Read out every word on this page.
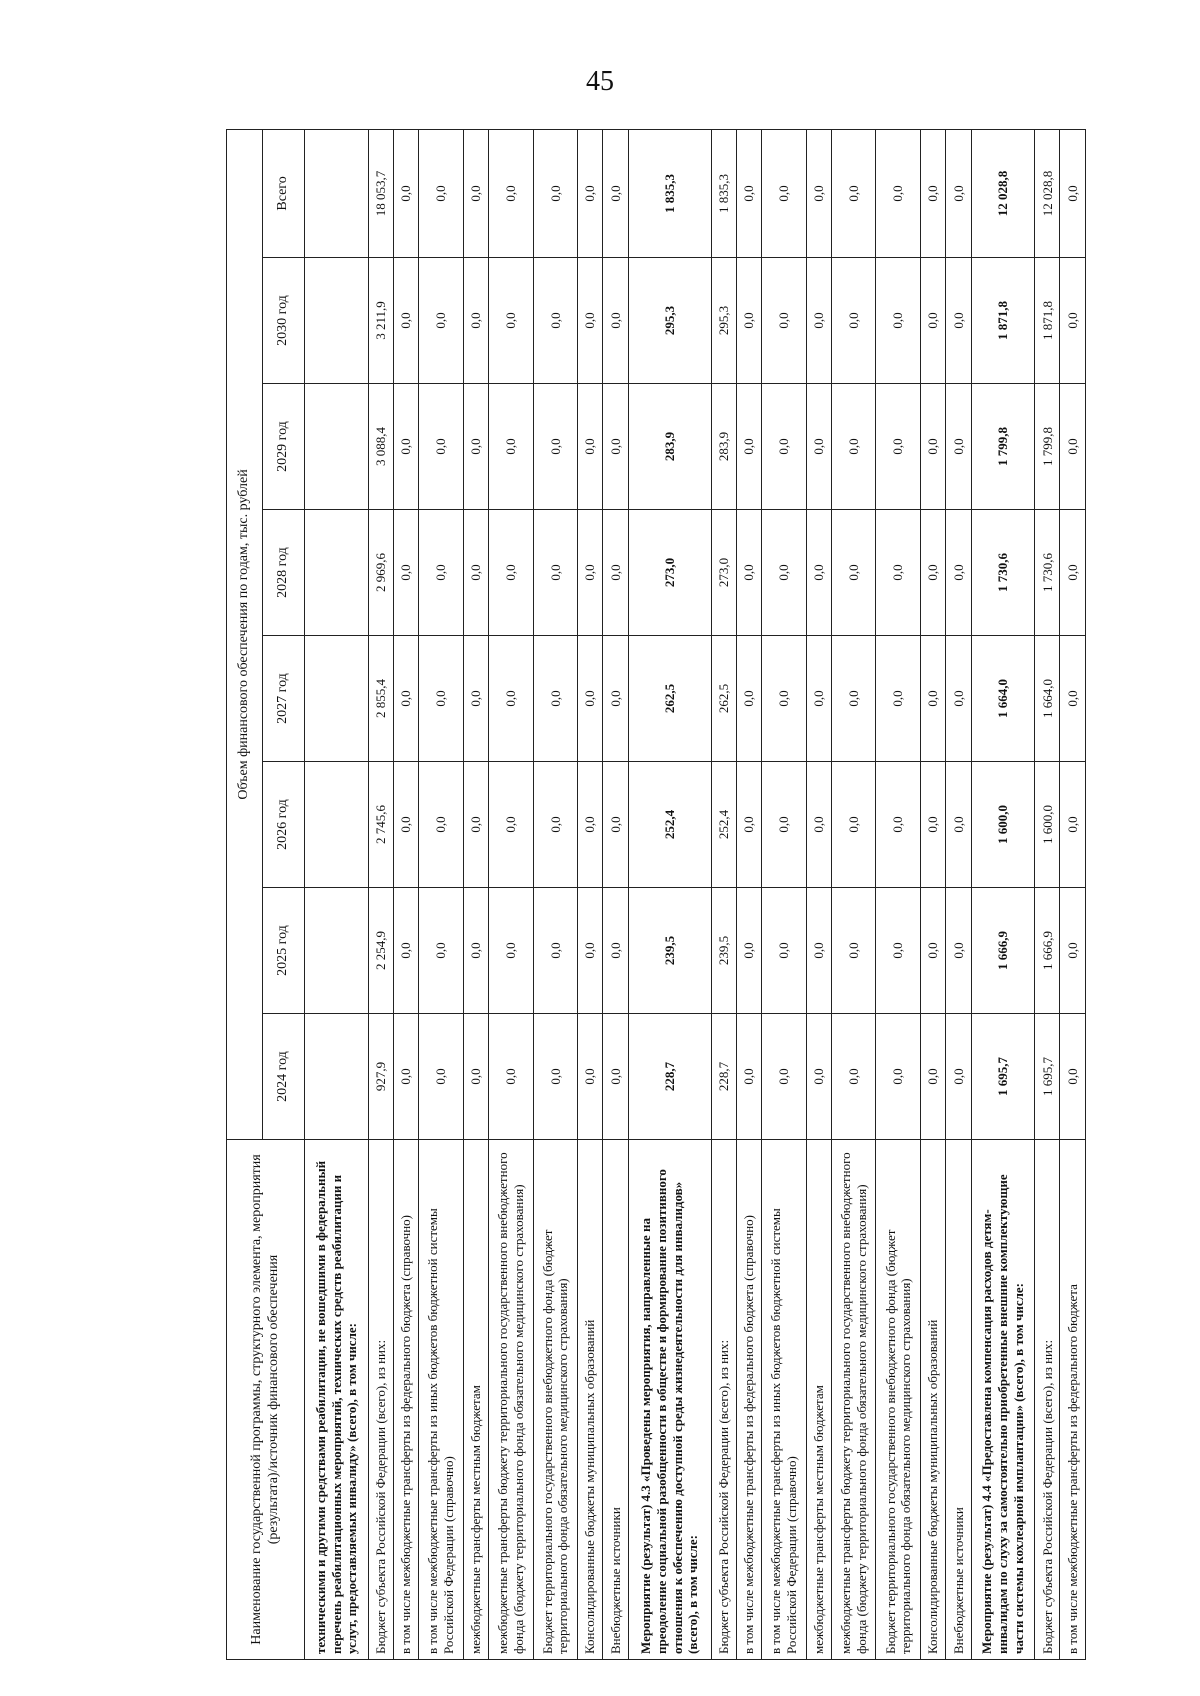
45
Наименование государственной программы, структурного элемента, мероприятия (результата)/источник финансового обеспечения	Объем финансового обеспечения по годам, тыс. рублей							
	2024 год	2025 год	2026 год	2027 год	2028 год	2029 год	2030 год	Всего
техническими и другими средствами реабилитации, не вошедшими в федеральный перечень реабилитационных мероприятий, технических средств реабилитации и услут, предоставляемых инвалиду» (всего), в том числе:								
Бюджет субъекта Российской Федерации (всего), из них:	927,9	2 254,9	2 745,6	2 855,4	2 969,6	3 088,4	3 211,9	18 053,7
в том числе межбюджетные трансферты из федерального бюджета (справочно)	0,0	0,0	0,0	0,0	0,0	0,0	0,0	0,0
в том числе межбюджетные трансферты из иных бюджетов бюджетной системы Российской Федерации (справочно)	0,0	0,0	0,0	0,0	0,0	0,0	0,0	0,0
межбюджетные трансферты местным бюджетам	0,0	0,0	0,0	0,0	0,0	0,0	0,0	0,0
межбюджетные трансферты бюджету территориального государственного внебюджетного фонда (бюджету территориального фонда обязательного медицинского страхования)	0,0	0,0	0,0	0,0	0,0	0,0	0,0	0,0
Бюджет территориального государственного внебюджетного фонда (бюджет территориального фонда обязательного медицинского страхования)	0,0	0,0	0,0	0,0	0,0	0,0	0,0	0,0
Консолидированные бюджеты муниципальных образований	0,0	0,0	0,0	0,0	0,0	0,0	0,0	0,0
Внебюджетные источники	0,0	0,0	0,0	0,0	0,0	0,0	0,0	0,0
Мероприятие (результат) 4.3 «Проведены мероприятия, направленные на преодоление социальной разобщенности в обществе и формирование позитивного отношения к обеспечению доступной среды жизнедеятельности для инвалидов» (всего), в том числе:	228,7	239,5	252,4	262,5	273,0	283,9	295,3	1 835,3
Бюджет субъекта Российской Федерации (всего), из них:	228,7	239,5	252,4	262,5	273,0	283,9	295,3	1 835,3
в том числе межбюджетные трансферты из федерального бюджета (справочно)	0,0	0,0	0,0	0,0	0,0	0,0	0,0	0,0
в том числе межбюджетные трансферты из иных бюджетов бюджетной системы Российской Федерации (справочно)	0,0	0,0	0,0	0,0	0,0	0,0	0,0	0,0
межбюджетные трансферты местным бюджетам	0,0	0,0	0,0	0,0	0,0	0,0	0,0	0,0
межбюджетные трансферты бюджету территориального государственного внебюджетного фонда (бюджету территориального фонда обязательного медицинского страхования)	0,0	0,0	0,0	0,0	0,0	0,0	0,0	0,0
Бюджет территориального государственного внебюджетного фонда (бюджет территориального фонда обязательного медицинского страхования)	0,0	0,0	0,0	0,0	0,0	0,0	0,0	0,0
Консолидированные бюджеты муниципальных образований	0,0	0,0	0,0	0,0	0,0	0,0	0,0	0,0
Внебюджетные источники	0,0	0,0	0,0	0,0	0,0	0,0	0,0	0,0
Мероприятие (результат) 4.4 «Предоставлена компенсация расходов детям-инвалидам по слуху за самостоятельно приобретенные внешние комплектующие части системы кохлеарной имплантации» (всего), в том числе:	1 695,7	1 666,9	1 600,0	1 664,0	1 730,6	1 799,8	1 871,8	12 028,8
Бюджет субъекта Российской Федерации (всего), из них:	1 695,7	1 666,9	1 600,0	1 664,0	1 730,6	1 799,8	1 871,8	12 028,8
в том числе межбюджетные трансферты из федерального бюджета	0,0	0,0	0,0	0,0	0,0	0,0	0,0	0,0
